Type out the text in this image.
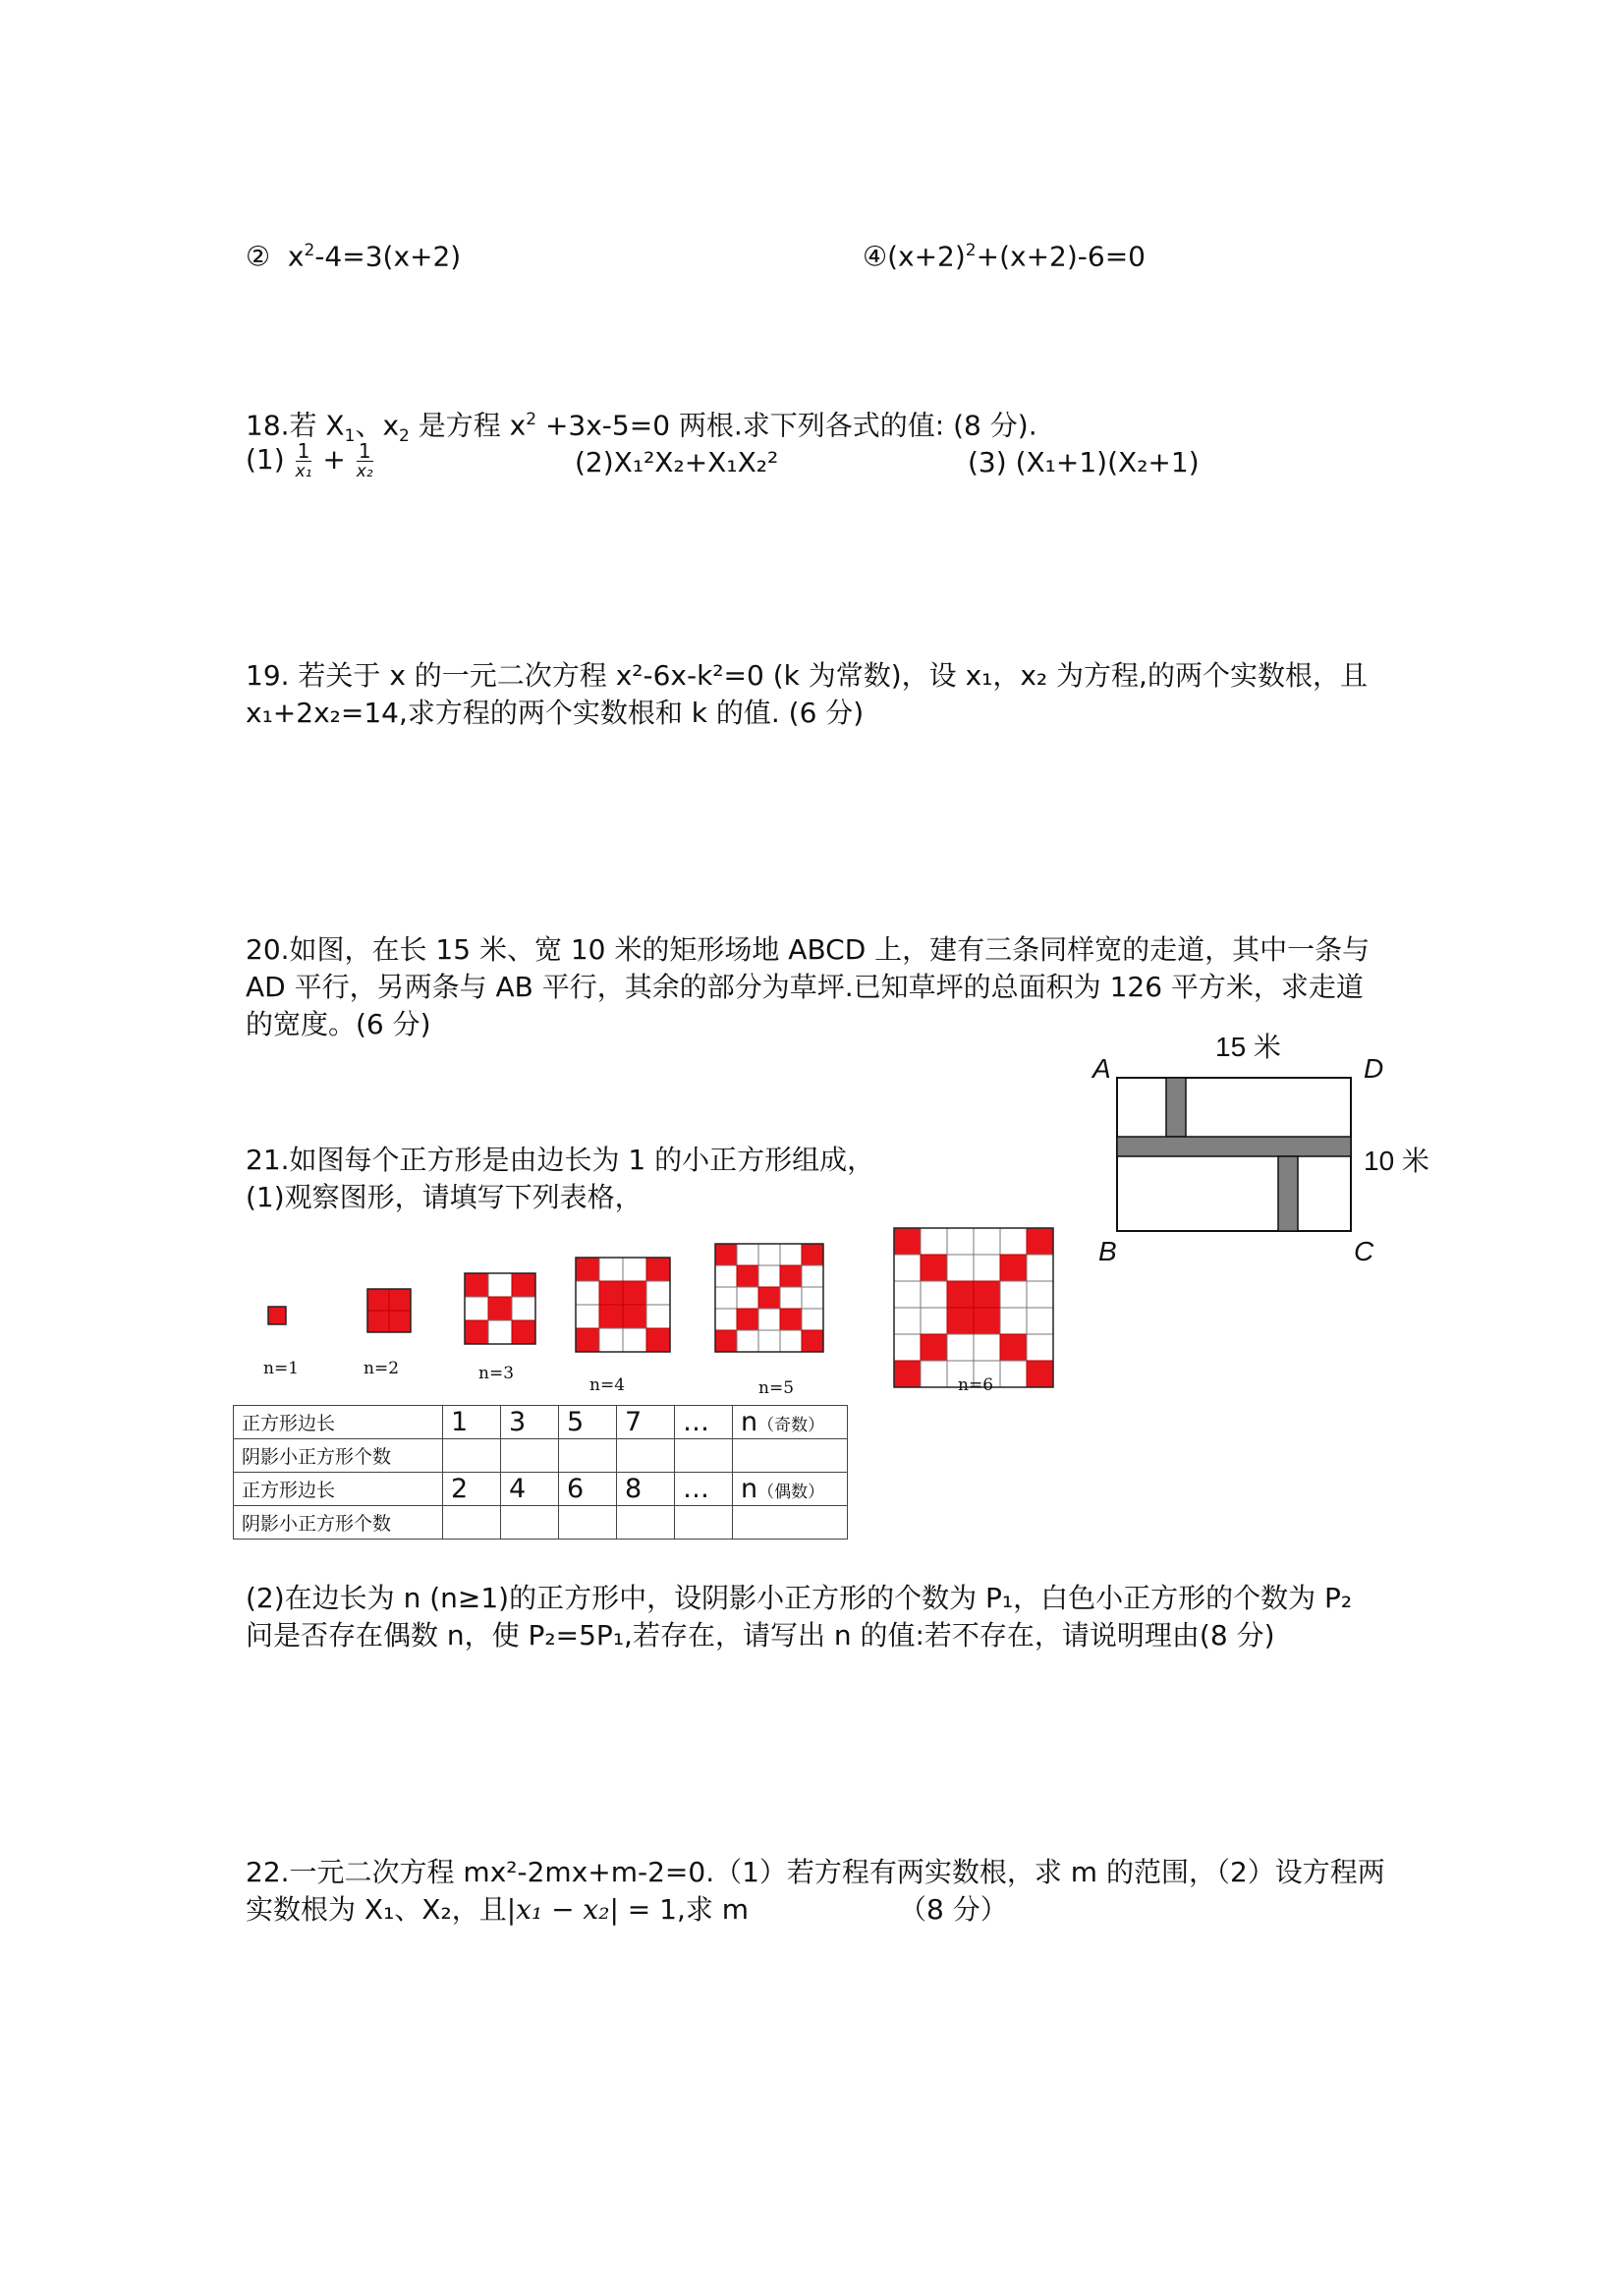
② $x^2-4=3(x+2)$	$④(x+2)^2+(x+2)-6=0$
18.若 $X_1$、$x_2$ 是方程 $x^2 +3x-5=0$ 两根.求下列各式的值: (8 分).
$(1) \frac{1}{\text{x₁}} + \frac{1}{\text{x₂}}$	(2)X₁²X₂+X₁X₂²	(3) (X₁+1)(X₂+1)
19. 若关于 x 的一元二次方程 x²-6x-k²=0 (k 为常数)，设 x₁，x₂ 为方程,的两个实数根，且
x₁+2x₂=14,求方程的两个实数根和 k 的值. (6 分)
20.如图，在长 15 米、宽 10 米的矩形场地 ABCD 上，建有三条同样宽的走道，其中一条与
AD 平行，另两条与 AB 平行，其余的部分为草坪.已知草坪的总面积为 126 平方米，求走道
的宽度。(6 分)
15 米
A	D
B	C
10 米
21.如图每个正方形是由边长为 1 的小正方形组成，
(1)观察图形，请填写下列表格，
n=1	n=2	n=3
n=4	n=5	n=6
正方形边长	1	3	5	7	…	n（奇数）
阴影小正方形个数						
正方形边长	2	4	6	8	…	n（偶数）
阴影小正方形个数						
(2)在边长为 n (n≥1)的正方形中，设阴影小正方形的个数为 P₁，白色小正方形的个数为 P₂
问是否存在偶数 n，使 P₂=5P₁,若存在，请写出 n 的值:若不存在，请说明理由(8 分)
22.一元二次方程 mx²-2mx+m-2=0.（1）若方程有两实数根，求 m 的范围，（2）设方程两
实数根为 X₁、X₂，且|x₁ − x₂| = 1,求 m	（8 分）
